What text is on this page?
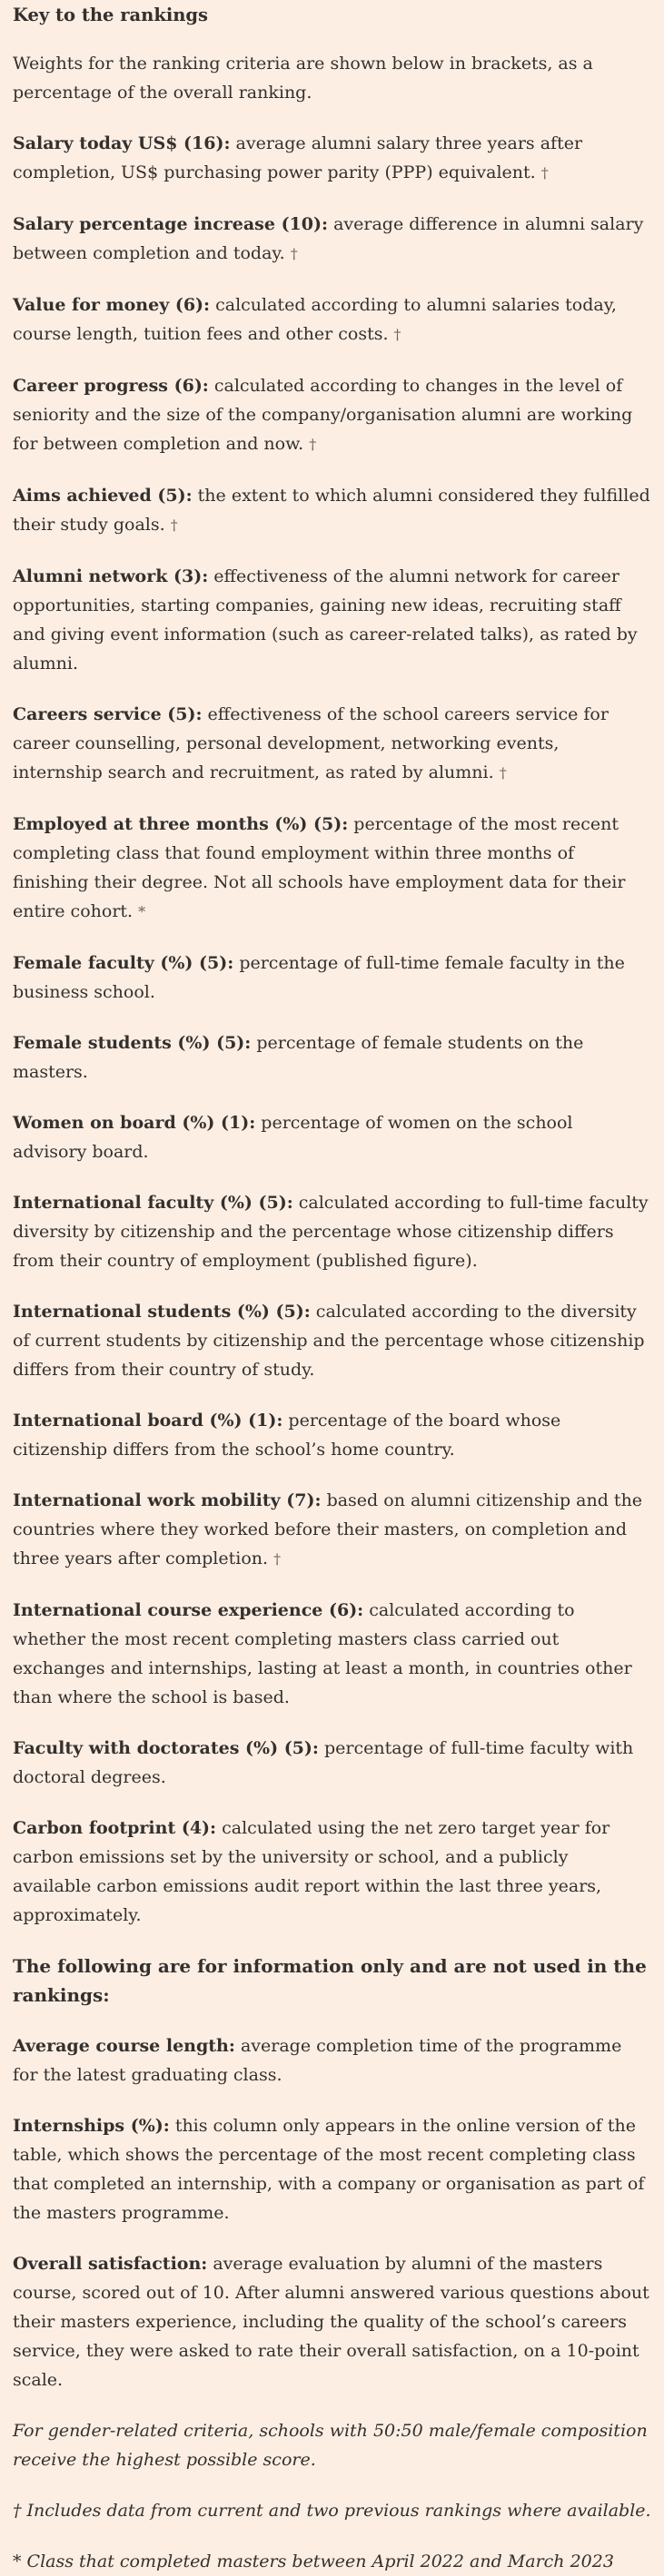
Key to the rankings

Weights for the ranking criteria are shown below in brackets, as a percentage of the overall ranking.

Salary today US$ (16): average alumni salary three years after completion, US$ purchasing power parity (PPP) equivalent. †

Salary percentage increase (10): average difference in alumni salary between completion and today. †

Value for money (6): calculated according to alumni salaries today, course length, tuition fees and other costs. †

Career progress (6): calculated according to changes in the level of seniority and the size of the company/organisation alumni are working for between completion and now. †

Aims achieved (5): the extent to which alumni considered they fulfilled their study goals. †

Alumni network (3): effectiveness of the alumni network for career opportunities, starting companies, gaining new ideas, recruiting staff and giving event information (such as career-related talks), as rated by alumni.

Careers service (5): effectiveness of the school careers service for career counselling, personal development, networking events, internship search and recruitment, as rated by alumni. †

Employed at three months (%) (5): percentage of the most recent completing class that found employment within three months of finishing their degree. Not all schools have employment data for their entire cohort. *

Female faculty (%) (5): percentage of full-time female faculty in the business school.

Female students (%) (5): percentage of female students on the masters.

Women on board (%) (1): percentage of women on the school advisory board.

International faculty (%) (5): calculated according to full-time faculty diversity by citizenship and the percentage whose citizenship differs from their country of employment (published figure).

International students (%) (5): calculated according to the diversity of current students by citizenship and the percentage whose citizenship differs from their country of study.

International board (%) (1): percentage of the board whose citizenship differs from the school’s home country.

International work mobility (7): based on alumni citizenship and the countries where they worked before their masters, on completion and three years after completion. †

International course experience (6): calculated according to whether the most recent completing masters class carried out exchanges and internships, lasting at least a month, in countries other than where the school is based.

Faculty with doctorates (%) (5): percentage of full-time faculty with doctoral degrees.

Carbon footprint (4): calculated using the net zero target year for carbon emissions set by the university or school, and a publicly available carbon emissions audit report within the last three years, approximately.

The following are for information only and are not used in the rankings:

Average course length: average completion time of the programme for the latest graduating class.

Internships (%): this column only appears in the online version of the table, which shows the percentage of the most recent completing class that completed an internship, with a company or organisation as part of the masters programme.

Overall satisfaction: average evaluation by alumni of the masters course, scored out of 10. After alumni answered various questions about their masters experience, including the quality of the school’s careers service, they were asked to rate their overall satisfaction, on a 10-point scale.

For gender-related criteria, schools with 50:50 male/female composition receive the highest possible score.

† Includes data from current and two previous rankings where available.

* Class that completed masters between April 2022 and March 2023
